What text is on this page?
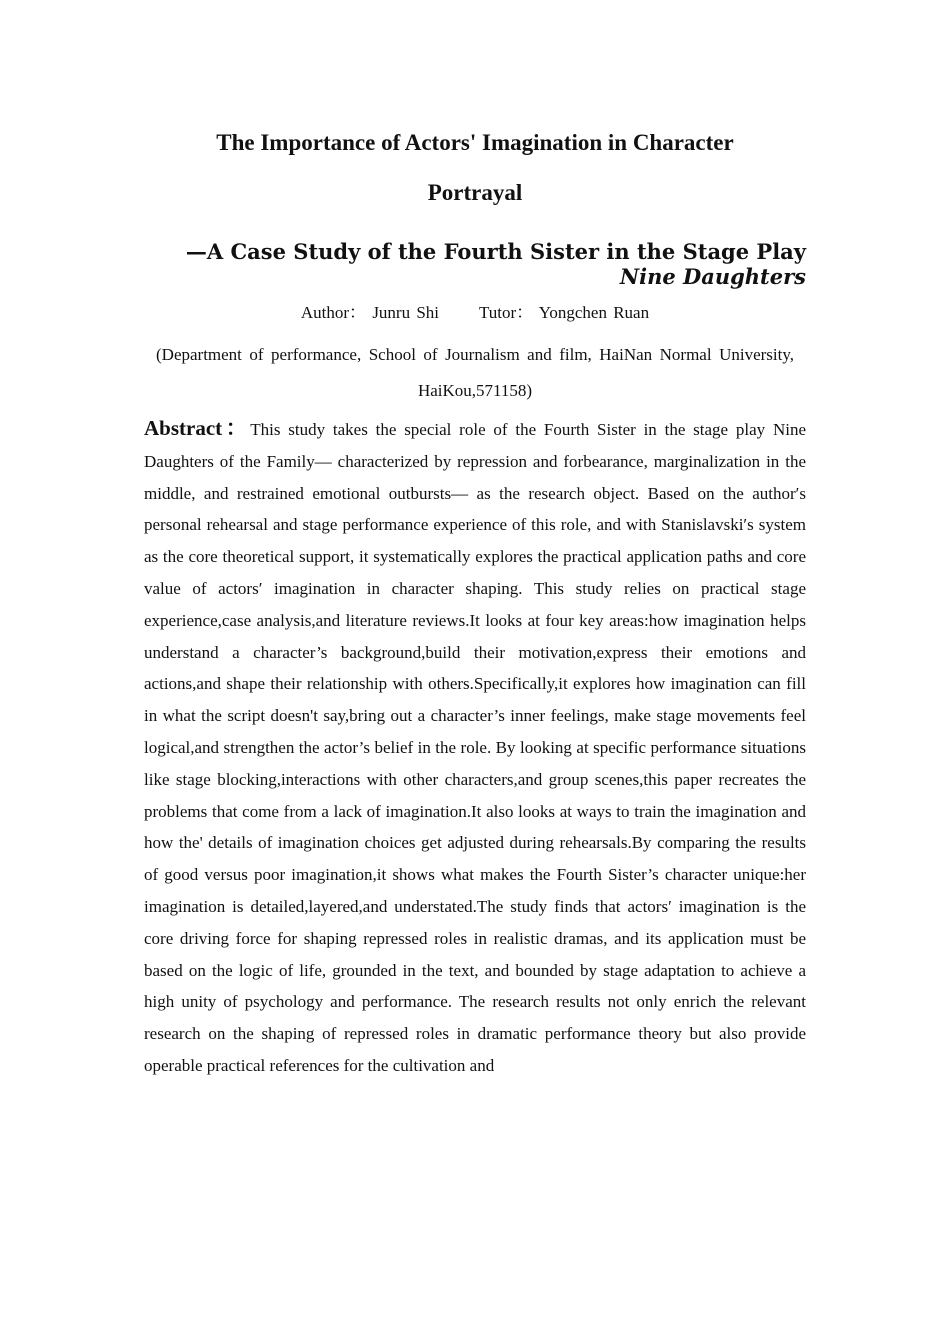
The Importance of Actors' Imagination in Character
Portrayal
—A Case Study of the Fourth Sister in the Stage Play
Nine Daughters
Author： Junru Shi Tutor： Yongchen Ruan
(Department of performance, School of Journalism and film, HaiNan Normal University, HaiKou,571158)

Abstract：This study takes the special role of the Fourth Sister in the stage play Nine Daughters of the Family— characterized by repression and forbearance, marginalization in the middle, and restrained emotional outbursts— as the research object. Based on the author′s personal rehearsal and stage performance experience of this role, and with Stanislavski′s system as the core theoretical support, it systematically explores the practical application paths and core value of actors′ imagination in character shaping. This study relies on practical stage experience,case analysis,and literature reviews.It looks at four key areas:how imagination helps understand a character’s background,build their motivation,express their emotions and actions,and shape their relationship with others.Specifically,it explores how imagination can fill in what the script doesn't say,bring out a character’s inner feelings, make stage movements feel logical,and strengthen the actor’s belief in the role. By looking at specific performance situations like stage blocking,interactions with other characters,and group scenes,this paper recreates the problems that come from a lack of imagination.It also looks at ways to train the imagination and how the' details of imagination choices get adjusted during rehearsals.By comparing the results of good versus poor imagination,it shows what makes the Fourth Sister’s character unique:her imagination is detailed,layered,and understated.The study finds that actors′ imagination is the core driving force for shaping repressed roles in realistic dramas, and its application must be based on the logic of life, grounded in the text, and bounded by stage adaptation to achieve a high unity of psychology and performance. The research results not only enrich the relevant research on the shaping of repressed roles in dramatic performance theory but also provide operable practical references for the cultivation and
